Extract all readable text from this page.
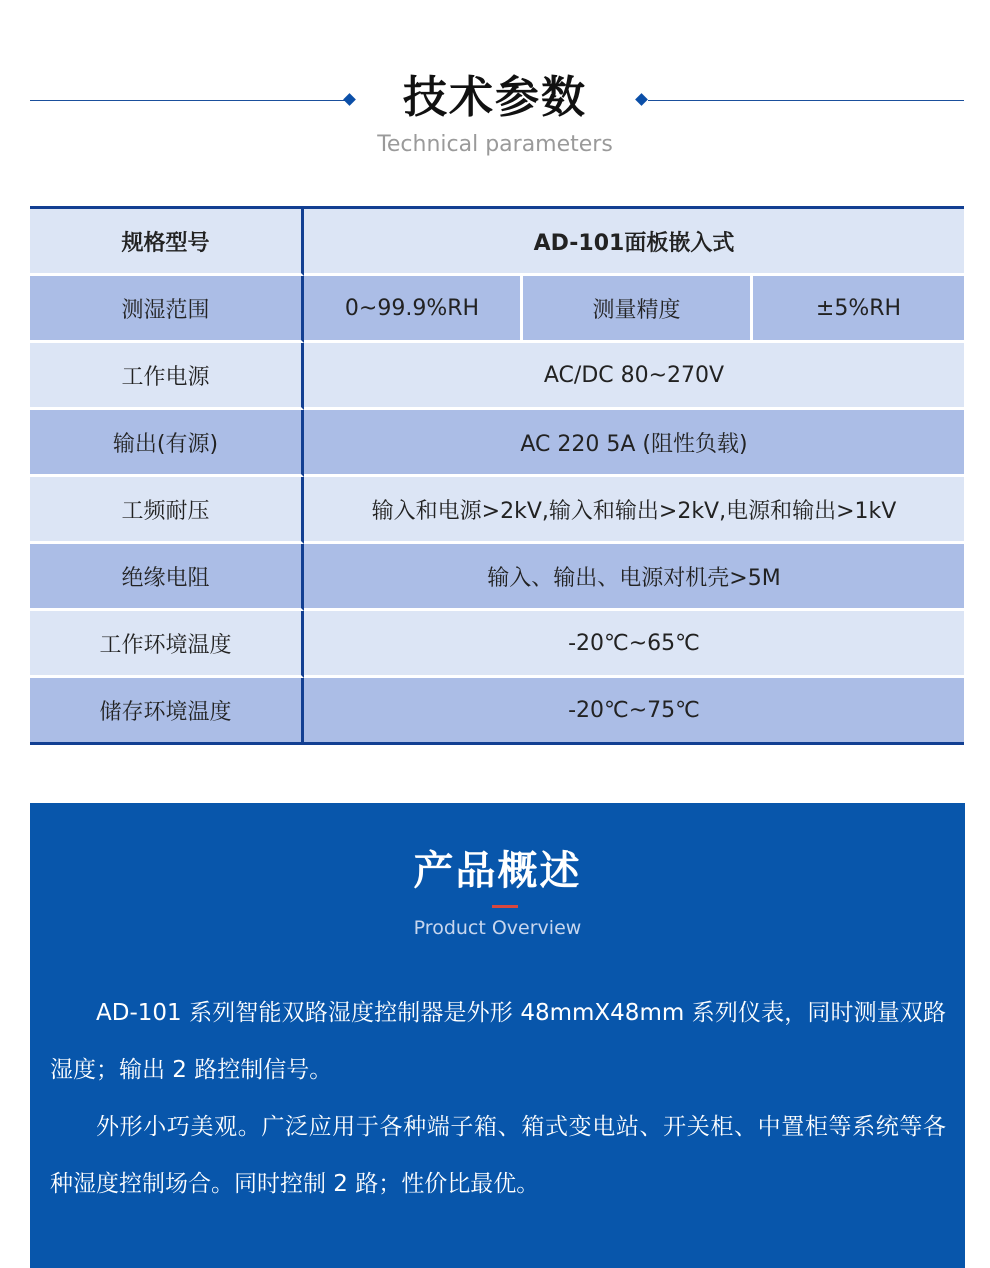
技术参数
Technical parameters
规格型号	AD-101面板嵌入式		
测湿范围	0~99.9%RH	测量精度	±5%RH
工作电源	AC/DC 80~270V		
输出(有源)	AC 220 5A (阻性负载)		
工频耐压	输入和电源>2kV,输入和输出>2kV,电源和输出>1kV		
绝缘电阻	输入、输出、电源对机壳>5M		
工作环境温度	-20℃~65℃		
储存环境温度	-20℃~75℃		
产品概述
Product Overview

AD-101 系列智能双路湿度控制器是外形 48mmX48mm 系列仪表，同时测量双路湿度；输出 2 路控制信号。

外形小巧美观。广泛应用于各种端子箱、箱式变电站、开关柜、中置柜等系统等各种湿度控制场合。同时控制 2 路；性价比最优。
